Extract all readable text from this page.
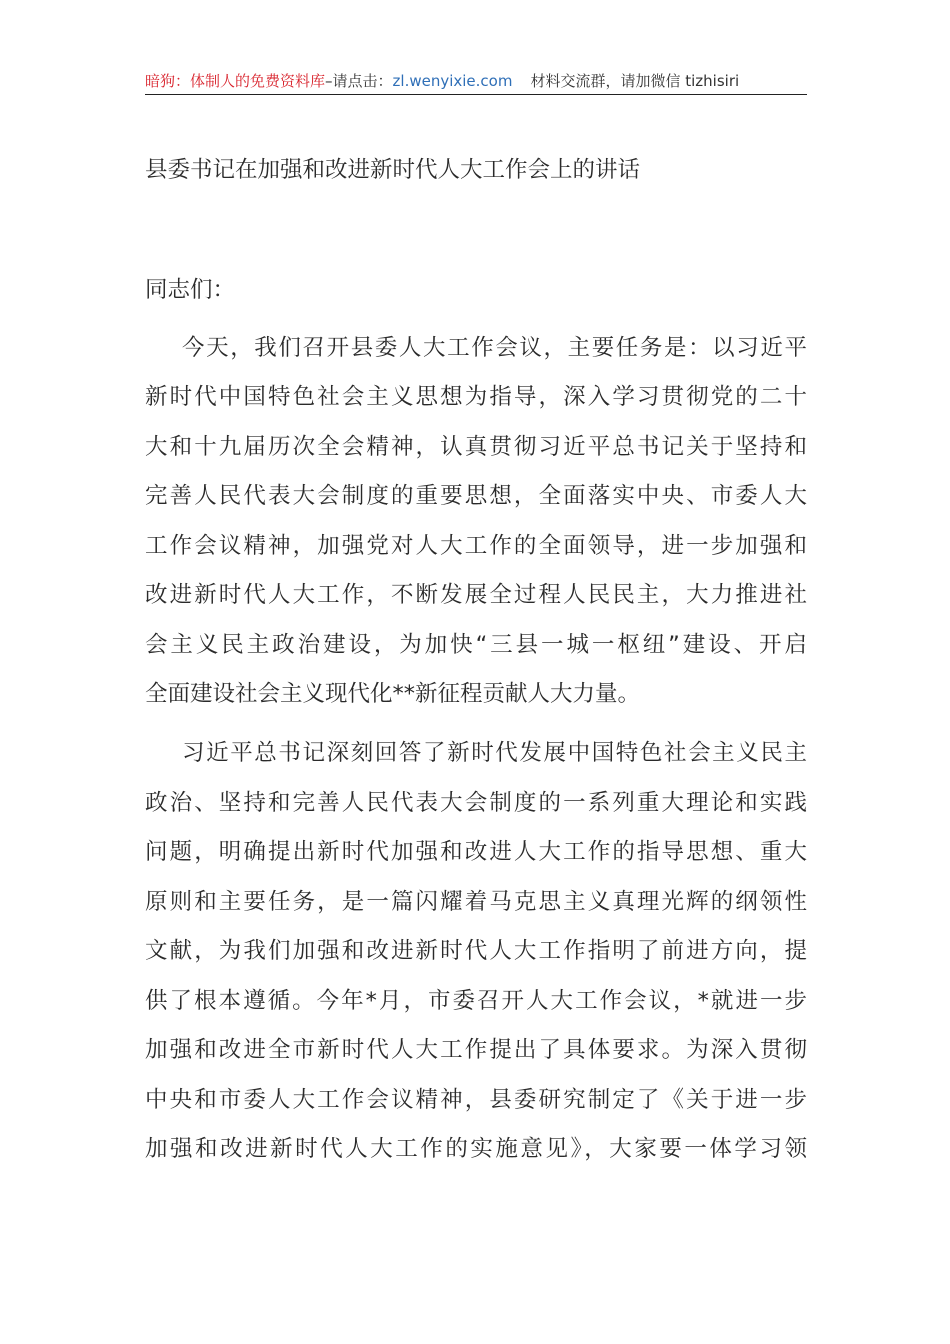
暗狗：体制人的免费资料库–请点击：zl.wenyixie.com 材料交流群，请加微信 tizhisiri
县委书记在加强和改进新时代人大工作会上的讲话
同志们：
今天，我们召开县委人大工作会议，主要任务是：以习近平
新时代中国特色社会主义思想为指导，深入学习贯彻党的二十
大和十九届历次全会精神，认真贯彻习近平总书记关于坚持和
完善人民代表大会制度的重要思想，全面落实中央、市委人大
工作会议精神，加强党对人大工作的全面领导，进一步加强和
改进新时代人大工作，不断发展全过程人民民主，大力推进社
会主义民主政治建设，为加快“三县一城一枢纽”建设、开启
全面建设社会主义现代化**新征程贡献人大力量。
习近平总书记深刻回答了新时代发展中国特色社会主义民主
政治、坚持和完善人民代表大会制度的一系列重大理论和实践
问题，明确提出新时代加强和改进人大工作的指导思想、重大
原则和主要任务，是一篇闪耀着马克思主义真理光辉的纲领性
文献，为我们加强和改进新时代人大工作指明了前进方向，提
供了根本遵循。今年*月，市委召开人大工作会议，*就进一步
加强和改进全市新时代人大工作提出了具体要求。为深入贯彻
中央和市委人大工作会议精神，县委研究制定了《关于进一步
加强和改进新时代人大工作的实施意见》，大家要一体学习领
